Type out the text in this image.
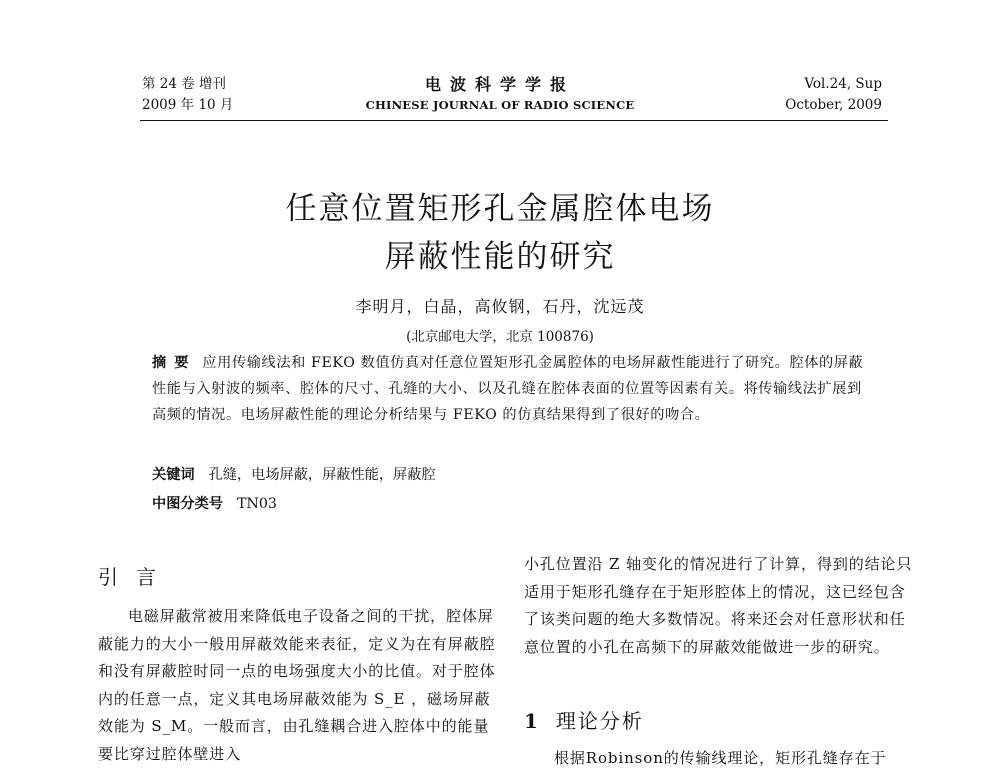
第 24 卷 增刊
2009 年 10 月
电波科学学报
CHINESE JOURNAL OF RADIO SCIENCE
Vol.24, Sup
October, 2009
任意位置矩形孔金属腔体电场
屏蔽性能的研究
李明月，白晶，高攸钢，石丹，沈远茂
(北京邮电大学，北京 100876)
摘要 应用传输线法和 FEKO 数值仿真对任意位置矩形孔金属腔体的电场屏蔽性能进行了研究。腔体的屏蔽性能与入射波的频率、腔体的尺寸、孔缝的大小、以及孔缝在腔体表面的位置等因素有关。将传输线法扩展到高频的情况。电场屏蔽性能的理论分析结果与 FEKO 的仿真结果得到了很好的吻合。
关键词 孔缝，电场屏蔽，屏蔽性能，屏蔽腔
中图分类号 TN03
引言
电磁屏蔽常被用来降低电子设备之间的干扰，腔体屏蔽能力的大小一般用屏蔽效能来表征，定义为在有屏蔽腔和没有屏蔽腔时同一点的电场强度大小的比值。对于腔体内的任意一点，定义其电场屏蔽效能为 S_E ，磁场屏蔽效能为 S_M。一般而言，由孔缝耦合进入腔体中的能量要比穿过腔体壁进入
小孔位置沿 Z 轴变化的情况进行了计算，得到的结论只适用于矩形孔缝存在于矩形腔体上的情况，这已经包含了该类问题的绝大多数情况。将来还会对任意形状和任意位置的小孔在高频下的屏蔽效能做进一步的研究。
1 理论分析
根据Robinson的传输线理论，矩形孔缝存在于
